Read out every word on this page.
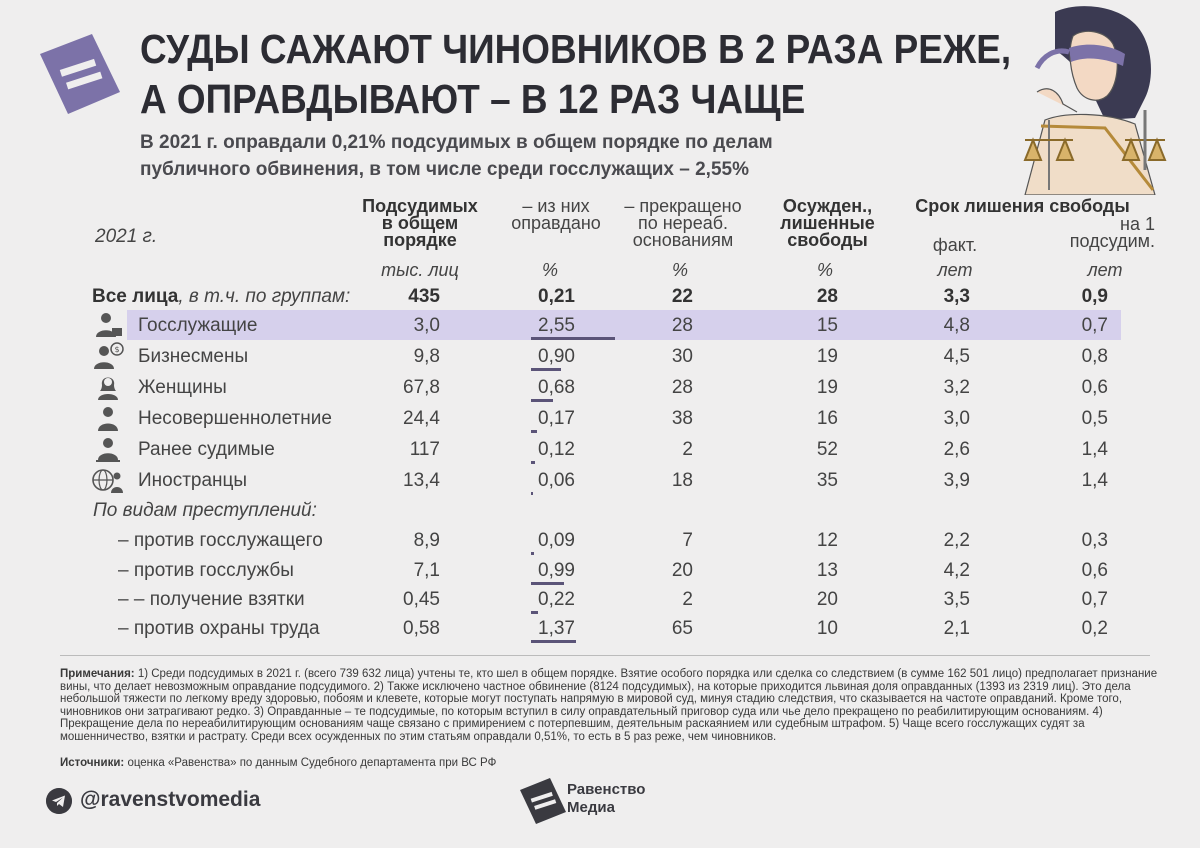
СУДЫ САЖАЮТ ЧИНОВНИКОВ В 2 РАЗА РЕЖЕ,
А ОПРАВДЫВАЮТ – В 12 РАЗ ЧАЩЕ
В 2021 г. оправдали 0,21% подсудимых в общем порядке по делам
публичного обвинения, в том числе среди госслужащих – 2,55%
2021 г.
Подсудимых
в общем
порядке
– из них
оправдано
– прекращено
по нереаб.
основаниям
Осужден.,
лишенные
свободы
Срок лишения свободы
факт.
на 1
подсудим.
тыс. лиц	%	%	%	лет	лет
Все лица, в т.ч. по группам:	435	0,21	22	28	3,3	0,9
Госслужащие	3,0	2,55	28	15	4,8	0,7
$ Бизнесмены	9,8	0,90	30	19	4,5	0,8
Женщины	67,8	0,68	28	19	3,2	0,6
Несовершеннолетние	24,4	0,17	38	16	3,0	0,5
Ранее судимые	117	0,12	2	52	2,6	1,4
Иностранцы	13,4	0,06	18	35	3,9	1,4
– против госслужащего	8,9	0,09	7	12	2,2	0,3
– против госслужбы	7,1	0,99	20	13	4,2	0,6
– – получение взятки	0,45	0,22	2	20	3,5	0,7
– против охраны труда	0,58	1,37	65	10	2,1	0,2
По видам преступлений:
Примечания: 1) Среди подсудимых в 2021 г. (всего 739 632 лица) учтены те, кто шел в общем порядке. Взятие особого порядка или сделка со следствием (в сумме 162 501 лицо) предполагает признание вины, что делает невозможным оправдание подсудимого. 2) Также исключено частное обвинение (8124 подсудимых), на которые приходится львиная доля оправданных (1393 из 2319 лиц). Это дела небольшой тяжести по легкому вреду здоровью, побоям и клевете, которые могут поступать напрямую в мировой суд, минуя стадию следствия, что сказывается на частоте оправданий. Кроме того, чиновников они затрагивают редко. 3) Оправданные – те подсудимые, по которым вступил в силу оправдательный приговор суда или чье дело прекращено по реабилитирующим основаниям. 4) Прекращение дела по нереабилитирующим основаниям чаще связано с примирением с потерпевшим, деятельным раскаянием или судебным штрафом. 5) Чаще всего госслужащих судят за мошенничество, взятки и растрату. Среди всех осужденных по этим статьям оправдали 0,51%, то есть в 5 раз реже, чем чиновников.
Источники: оценка «Равенства» по данным Судебного департамента при ВС РФ
@ravenstvomedia	Равенство
Медиа
